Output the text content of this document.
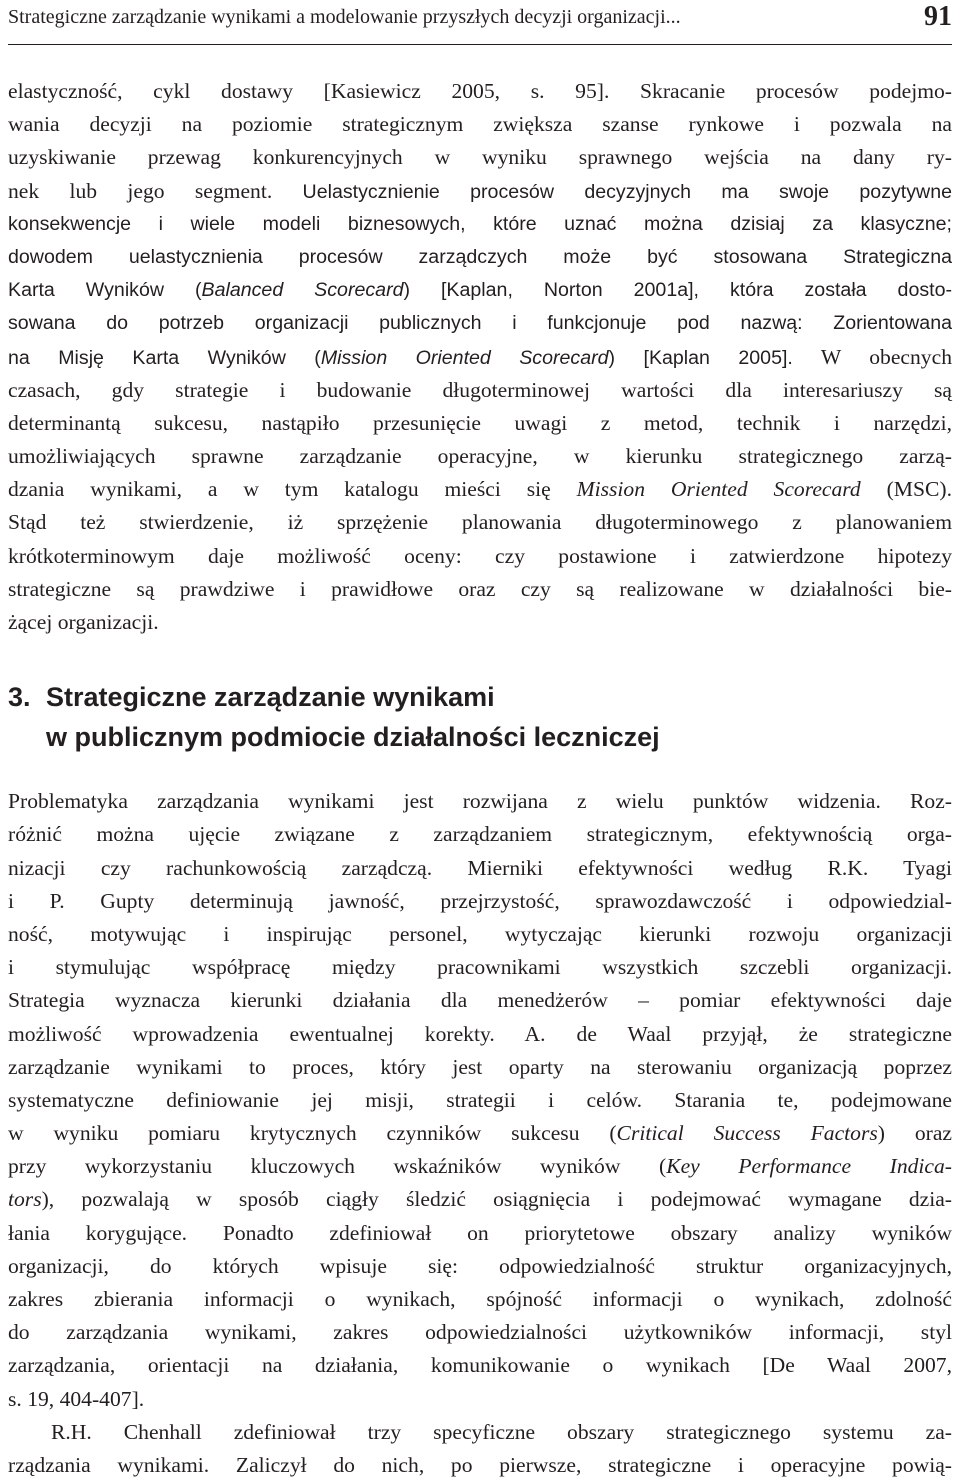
Strategiczne zarządzanie wynikami a modelowanie przyszłych decyzji organizacji...	91
elastyczność, cykl dostawy [Kasiewicz 2005, s. 95]. Skracanie procesów podejmo-
wania decyzji na poziomie strategicznym zwiększa szanse rynkowe i pozwala na
uzyskiwanie przewag konkurencyjnych w wyniku sprawnego wejścia na dany ry-
nek lub jego segment. Uelastycznienie procesów decyzyjnych ma swoje pozytywne
konsekwencje i wiele modeli biznesowych, które uznać można dzisiaj za klasyczne;
dowodem uelastycznienia procesów zarządczych może być stosowana Strategiczna
Karta Wyników (Balanced Scorecard) [Kaplan, Norton 2001a], która została dosto-
sowana do potrzeb organizacji publicznych i funkcjonuje pod nazwą: Zorientowana
na Misję Karta Wyników (Mission Oriented Scorecard) [Kaplan 2005]. W obecnych
czasach, gdy strategie i budowanie długoterminowej wartości dla interesariuszy są
determinantą sukcesu, nastąpiło przesunięcie uwagi z metod, technik i narzędzi,
umożliwiających sprawne zarządzanie operacyjne, w kierunku strategicznego zarzą-
dzania wynikami, a w tym katalogu mieści się Mission Oriented Scorecard (MSC).
Stąd też stwierdzenie, iż sprzężenie planowania długoterminowego z planowaniem
krótkoterminowym daje możliwość oceny: czy postawione i zatwierdzone hipotezy
strategiczne są prawdziwe i prawidłowe oraz czy są realizowane w działalności bie-
żącej organizacji.
3. Strategiczne zarządzanie wynikami
w publicznym podmiocie działalności leczniczej
Problematyka zarządzania wynikami jest rozwijana z wielu punktów widzenia. Roz-
różnić można ujęcie związane z zarządzaniem strategicznym, efektywnością orga-
nizacji czy rachunkowością zarządczą. Mierniki efektywności według R.K. Tyagi
i P. Gupty determinują jawność, przejrzystość, sprawozdawczość i odpowiedzial-
ność, motywując i inspirując personel, wytyczając kierunki rozwoju organizacji
i stymulując współpracę między pracownikami wszystkich szczebli organizacji.
Strategia wyznacza kierunki działania dla menedżerów – pomiar efektywności daje
możliwość wprowadzenia ewentualnej korekty. A. de Waal przyjął, że strategiczne
zarządzanie wynikami to proces, który jest oparty na sterowaniu organizacją poprzez
systematyczne definiowanie jej misji, strategii i celów. Starania te, podejmowane
w wyniku pomiaru krytycznych czynników sukcesu (Critical Success Factors) oraz
przy wykorzystaniu kluczowych wskaźników wyników (Key Performance Indica-
tors), pozwalają w sposób ciągły śledzić osiągnięcia i podejmować wymagane dzia-
łania korygujące. Ponadto zdefiniował on priorytetowe obszary analizy wyników
organizacji, do których wpisuje się: odpowiedzialność struktur organizacyjnych,
zakres zbierania informacji o wynikach, spójność informacji o wynikach, zdolność
do zarządzania wynikami, zakres odpowiedzialności użytkowników informacji, styl
zarządzania, orientacji na działania, komunikowanie o wynikach [De Waal 2007,
s. 19, 404-407].
R.H. Chenhall zdefiniował trzy specyficzne obszary strategicznego systemu za-
rządzania wynikami. Zaliczył do nich, po pierwsze, strategiczne i operacyjne powią-
